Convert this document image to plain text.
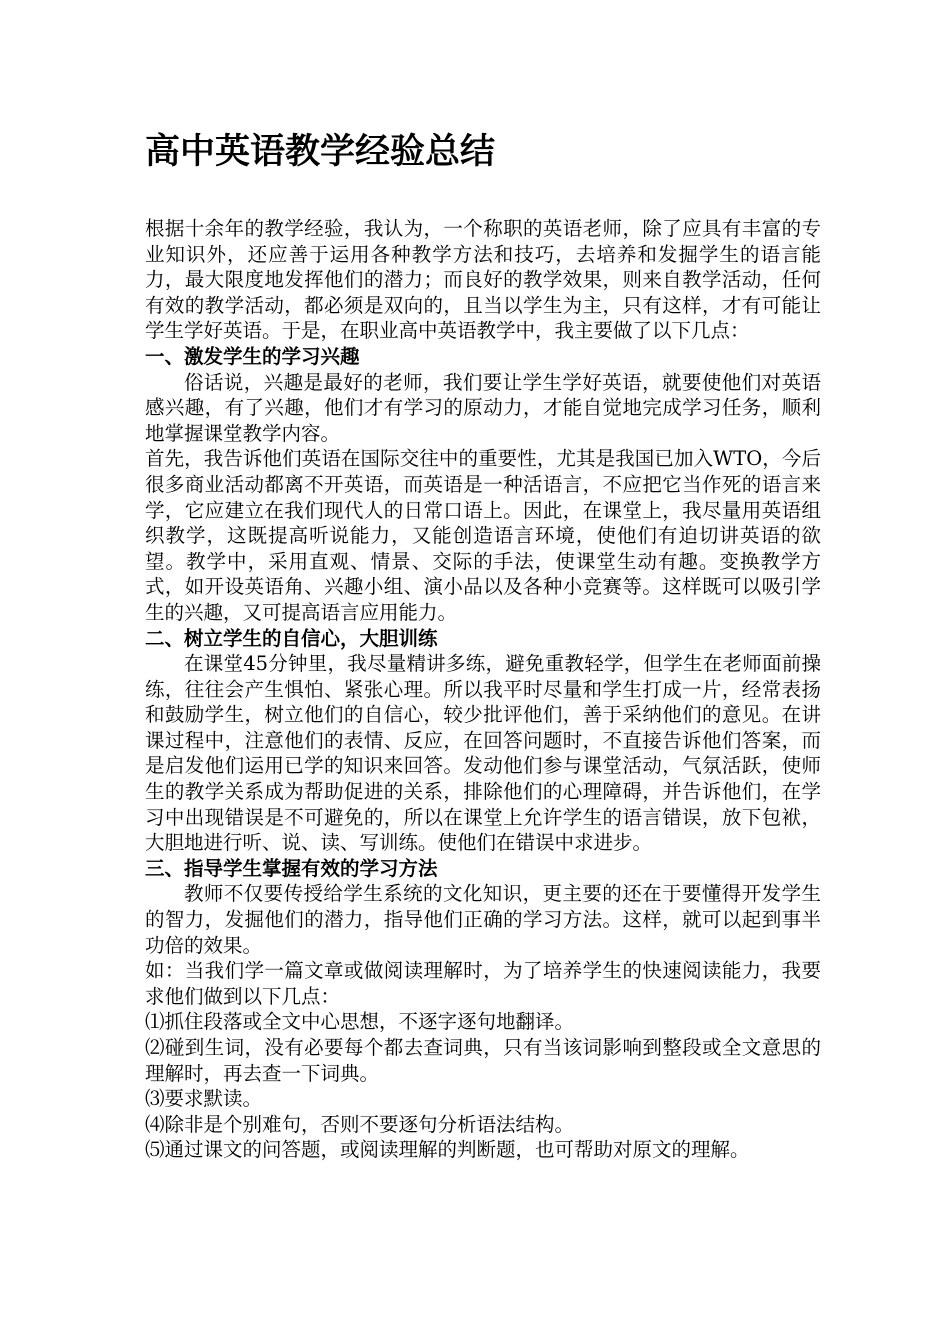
高中英语教学经验总结

根据十余年的教学经验，我认为，一个称职的英语老师，除了应具有丰富的专业知识外，还应善于运用各种教学方法和技巧，去培养和发掘学生的语言能力，最大限度地发挥他们的潜力；而良好的教学效果，则来自教学活动，任何有效的教学活动，都必须是双向的，且当以学生为主，只有这样，才有可能让学生学好英语。于是，在职业高中英语教学中，我主要做了以下几点：

一、激发学生的学习兴趣

俗话说，兴趣是最好的老师，我们要让学生学好英语，就要使他们对英语感兴趣，有了兴趣，他们才有学习的原动力，才能自觉地完成学习任务，顺利地掌握课堂教学内容。

首先，我告诉他们英语在国际交往中的重要性，尤其是我国已加入WTO，今后很多商业活动都离不开英语，而英语是一种活语言，不应把它当作死的语言来学，它应建立在我们现代人的日常口语上。因此，在课堂上，我尽量用英语组织教学，这既提高听说能力，又能创造语言环境，使他们有迫切讲英语的欲望。教学中，采用直观、情景、交际的手法，使课堂生动有趣。变换教学方式，如开设英语角、兴趣小组、演小品以及各种小竞赛等。这样既可以吸引学生的兴趣，又可提高语言应用能力。

二、树立学生的自信心，大胆训练

在课堂45分钟里，我尽量精讲多练，避免重教轻学，但学生在老师面前操练，往往会产生惧怕、紧张心理。所以我平时尽量和学生打成一片，经常表扬和鼓励学生，树立他们的自信心，较少批评他们，善于采纳他们的意见。在讲课过程中，注意他们的表情、反应，在回答问题时，不直接告诉他们答案，而是启发他们运用已学的知识来回答。发动他们参与课堂活动，气氛活跃，使师生的教学关系成为帮助促进的关系，排除他们的心理障碍，并告诉他们，在学习中出现错误是不可避免的，所以在课堂上允许学生的语言错误，放下包袱，大胆地进行听、说、读、写训练。使他们在错误中求进步。

三、指导学生掌握有效的学习方法

教师不仅要传授给学生系统的文化知识，更主要的还在于要懂得开发学生的智力，发掘他们的潜力，指导他们正确的学习方法。这样，就可以起到事半功倍的效果。

如：当我们学一篇文章或做阅读理解时，为了培养学生的快速阅读能力，我要求他们做到以下几点：

⑴抓住段落或全文中心思想，不逐字逐句地翻译。

⑵碰到生词，没有必要每个都去查词典，只有当该词影响到整段或全文意思的理解时，再去查一下词典。

⑶要求默读。

⑷除非是个别难句，否则不要逐句分析语法结构。

⑸通过课文的问答题，或阅读理解的判断题，也可帮助对原文的理解。
